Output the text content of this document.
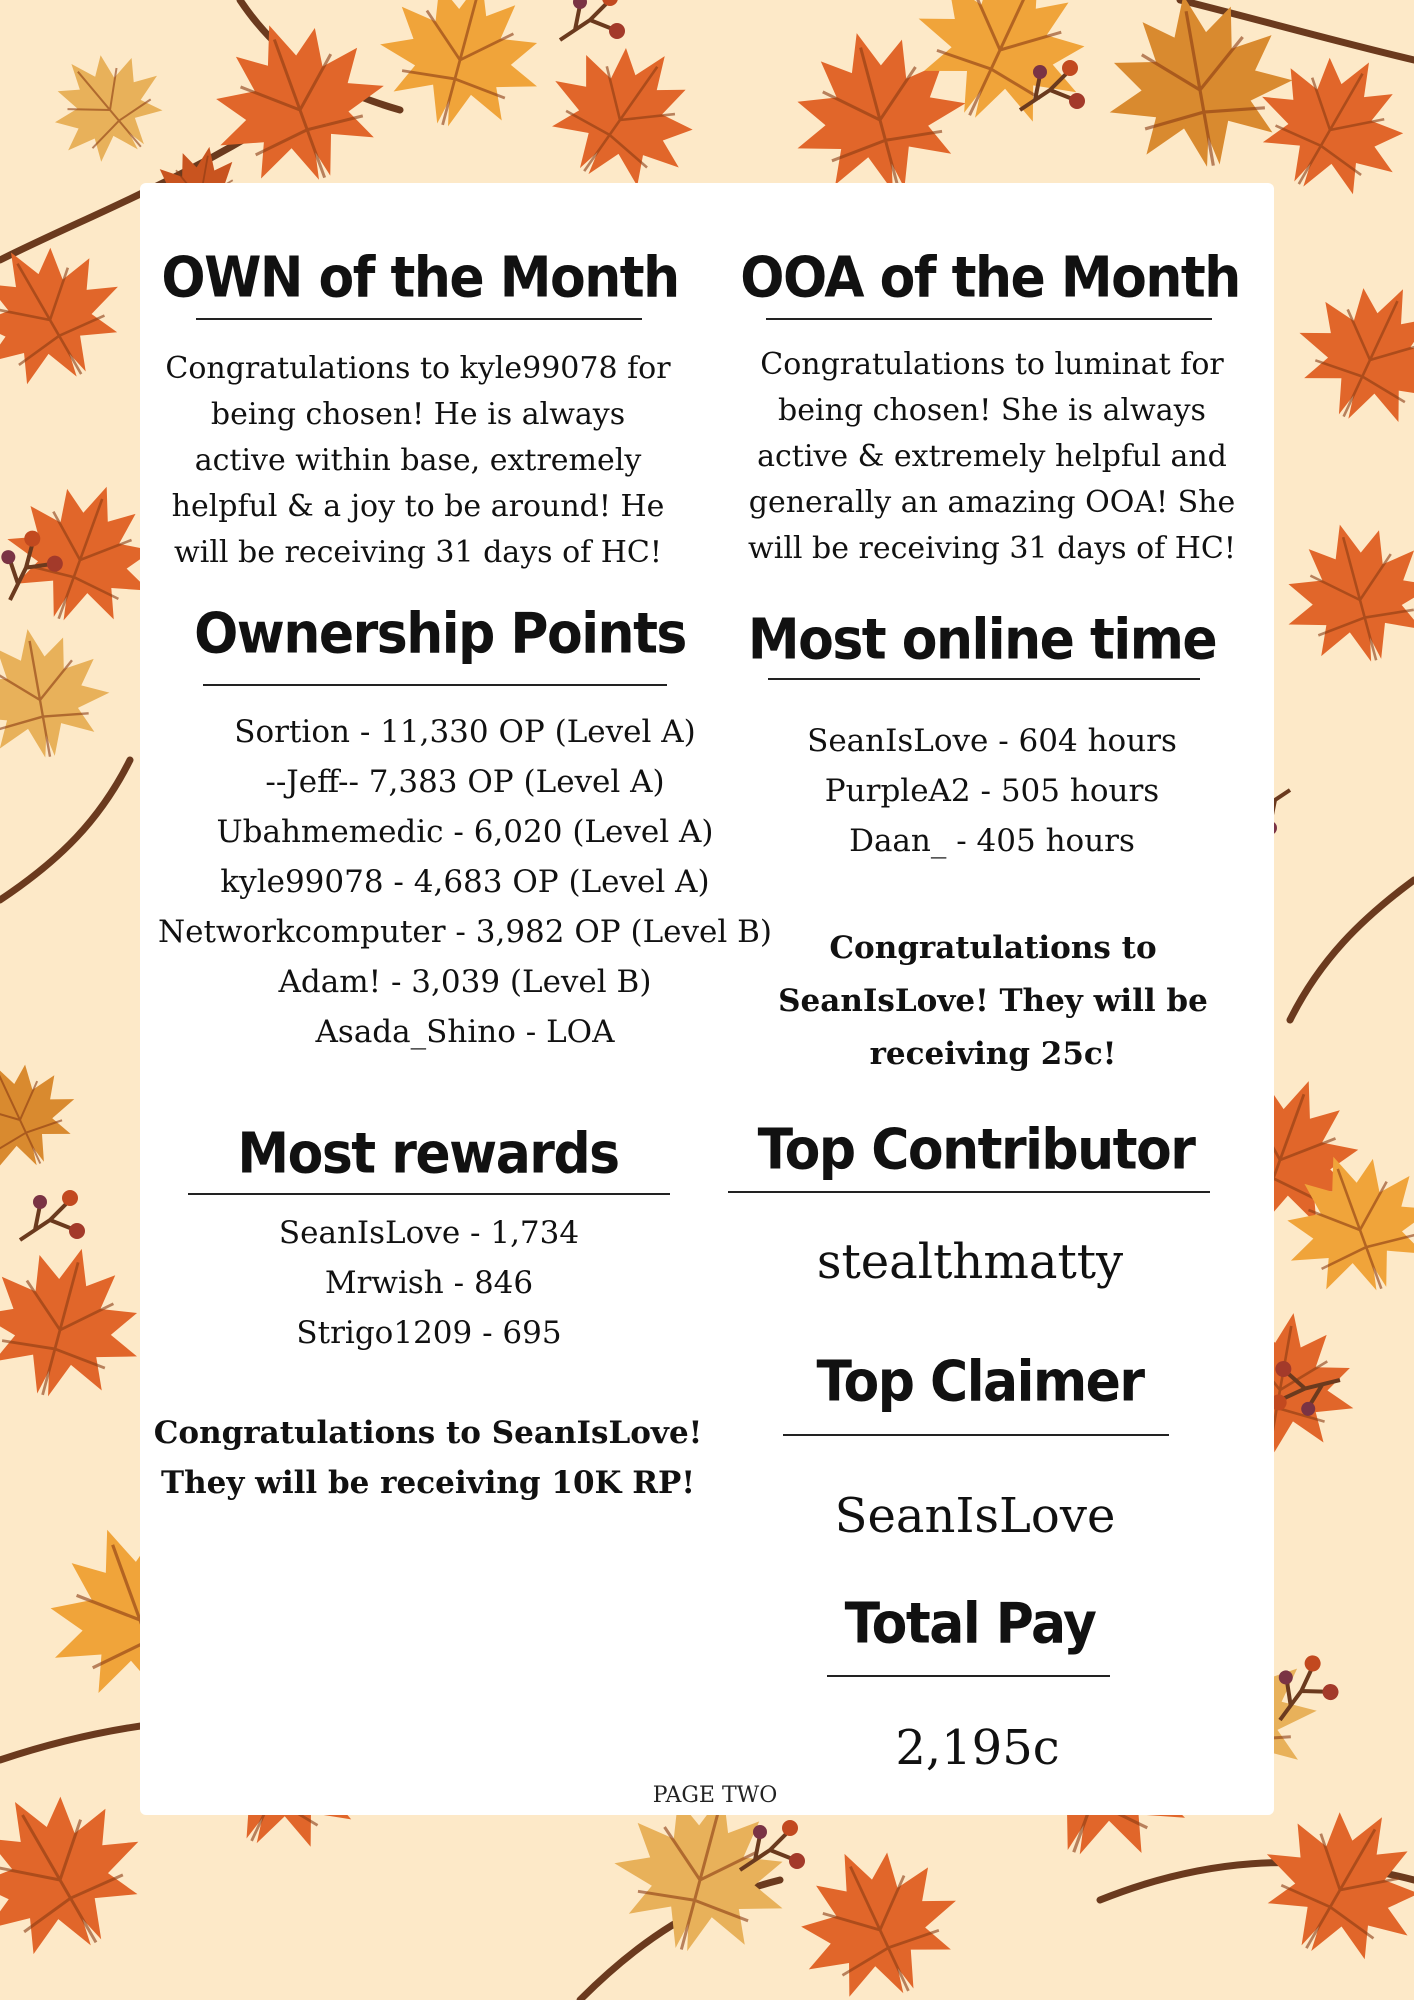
OWN of the Month
Congratulations to kyle99078 for being chosen! He is always active within base, extremely helpful & a joy to be around! He will be receiving 31 days of HC!
OOA of the Month
Congratulations to luminat for being chosen! She is always active & extremely helpful and generally an amazing OOA! She will be receiving 31 days of HC!
Ownership Points
Sortion - 11,330 OP (Level A)
--Jeff-- 7,383 OP (Level A)
Ubahmemedic - 6,020 (Level A)
kyle99078 - 4,683 OP (Level A)
Networkcomputer - 3,982 OP (Level B)
Adam! - 3,039 (Level B)
Asada_Shino - LOA
Most online time
SeanIsLove - 604 hours
PurpleA2 - 505 hours
Daan_ - 405 hours
Congratulations to SeanIsLove! They will be receiving 25c!
Most rewards
SeanIsLove - 1,734
Mrwish - 846
Strigo1209 - 695
Congratulations to SeanIsLove! They will be receiving 10K RP!
Top Contributor
stealthmatty
Top Claimer
SeanIsLove
Total Pay
2,195c
PAGE TWO
